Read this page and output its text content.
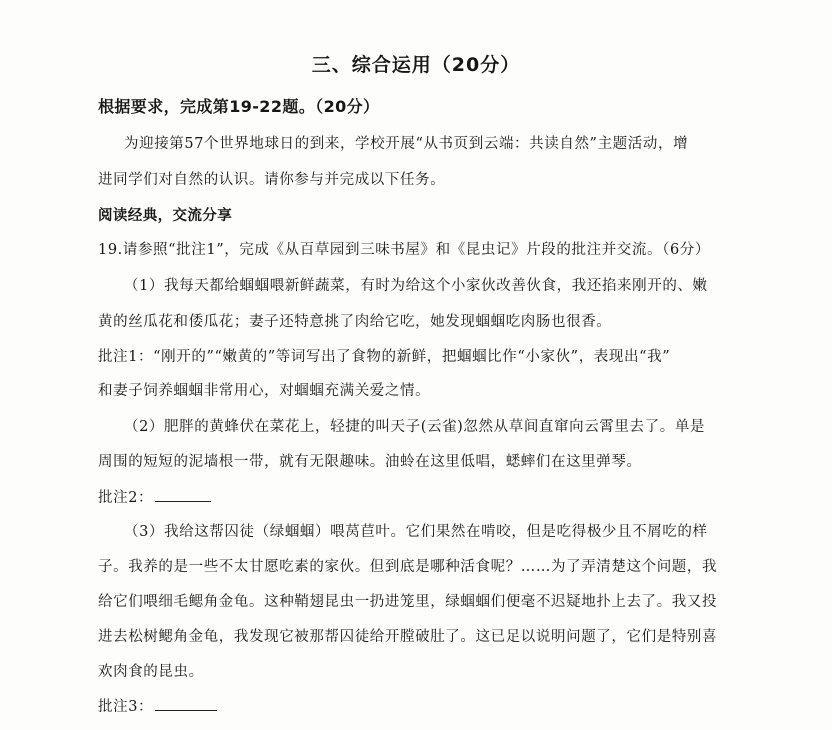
三、综合运用（20分）
根据要求，完成第19-22题。（20分）
为迎接第57个世界地球日的到来，学校开展“从书页到云端：共读自然”主题活动，增
进同学们对自然的认识。请你参与并完成以下任务。
阅读经典，交流分享
19.请参照“批注1”，完成《从百草园到三味书屋》和《昆虫记》片段的批注并交流。（6分）
（1）我每天都给蝈蝈喂新鲜蔬菜，有时为给这个小家伙改善伙食，我还掐来刚开的、嫩
黄的丝瓜花和倭瓜花；妻子还特意挑了肉给它吃，她发现蝈蝈吃肉肠也很香。
批注1：“刚开的”“嫩黄的”等词写出了食物的新鲜，把蝈蝈比作“小家伙”，表现出“我”
和妻子饲养蝈蝈非常用心，对蝈蝈充满关爱之情。
（2）肥胖的黄蜂伏在菜花上，轻捷的叫天子(云雀)忽然从草间直窜向云霄里去了。单是
周围的短短的泥墙根一带，就有无限趣味。油蛉在这里低唱，蟋蟀们在这里弹琴。
批注2：
（3）我给这帮囚徒（绿蝈蝈）喂莴苣叶。它们果然在啃咬，但是吃得极少且不屑吃的样
子。我养的是一些不太甘愿吃素的家伙。但到底是哪种活食呢？……为了弄清楚这个问题，我
给它们喂细毛鳃角金龟。这种鞘翅昆虫一扔进笼里，绿蝈蝈们便毫不迟疑地扑上去了。我又投
进去松树鳃角金龟，我发现它被那帮囚徒给开膛破肚了。这已足以说明问题了，它们是特别喜
欢肉食的昆虫。
批注3：
